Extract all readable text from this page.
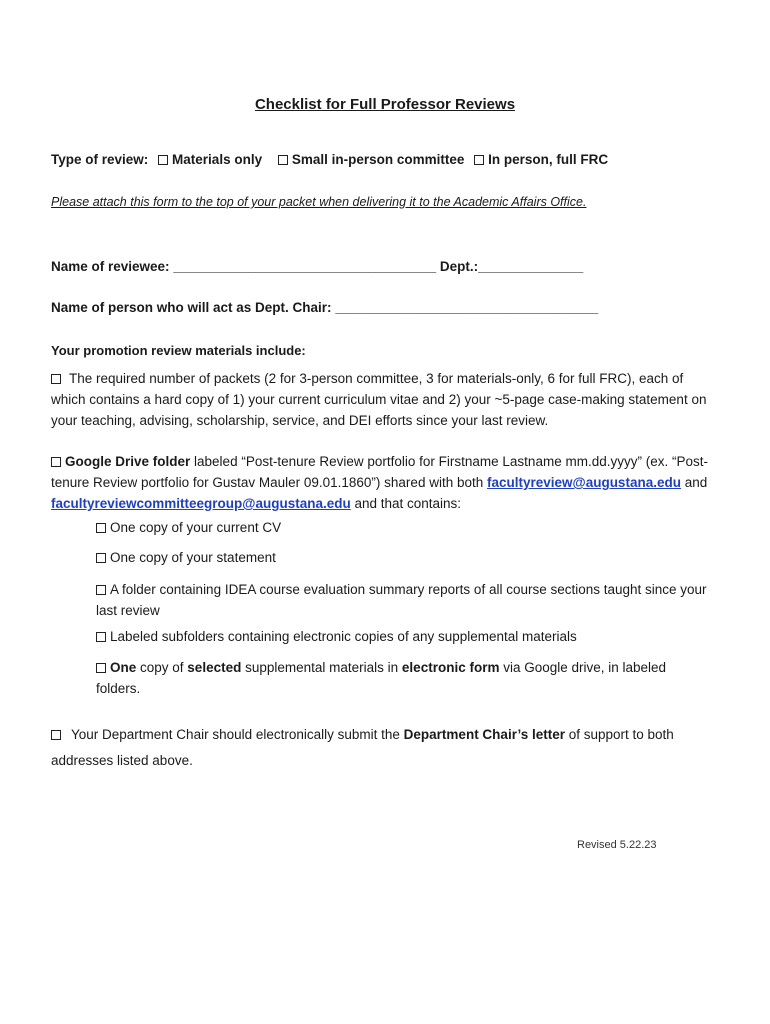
Checklist for Full Professor Reviews
Type of review: Materials only Small in-person committee In person, full FRC
Please attach this form to the top of your packet when delivering it to the Academic Affairs Office.
Name of reviewee: ___________________________________ Dept.:______________
Name of person who will act as Dept. Chair: ___________________________________
Your promotion review materials include:
The required number of packets (2 for 3-person committee, 3 for materials-only, 6 for full FRC), each of which contains a hard copy of 1) your current curriculum vitae and 2) your ~5-page case-making statement on your teaching, advising, scholarship, service, and DEI efforts since your last review.
Google Drive folder labeled “Post-tenure Review portfolio for Firstname Lastname mm.dd.yyyy” (ex. “Post-tenure Review portfolio for Gustav Mauler 09.01.1860”) shared with both facultyreview@augustana.edu and facultyreviewcommitteegroup@augustana.edu and that contains:
One copy of your current CV
One copy of your statement
A folder containing IDEA course evaluation summary reports of all course sections taught since your last review
Labeled subfolders containing electronic copies of any supplemental materials
One copy of selected supplemental materials in electronic form via Google drive, in labeled folders.
Your Department Chair should electronically submit the Department Chair’s letter of support to both addresses listed above.
Revised 5.22.23
